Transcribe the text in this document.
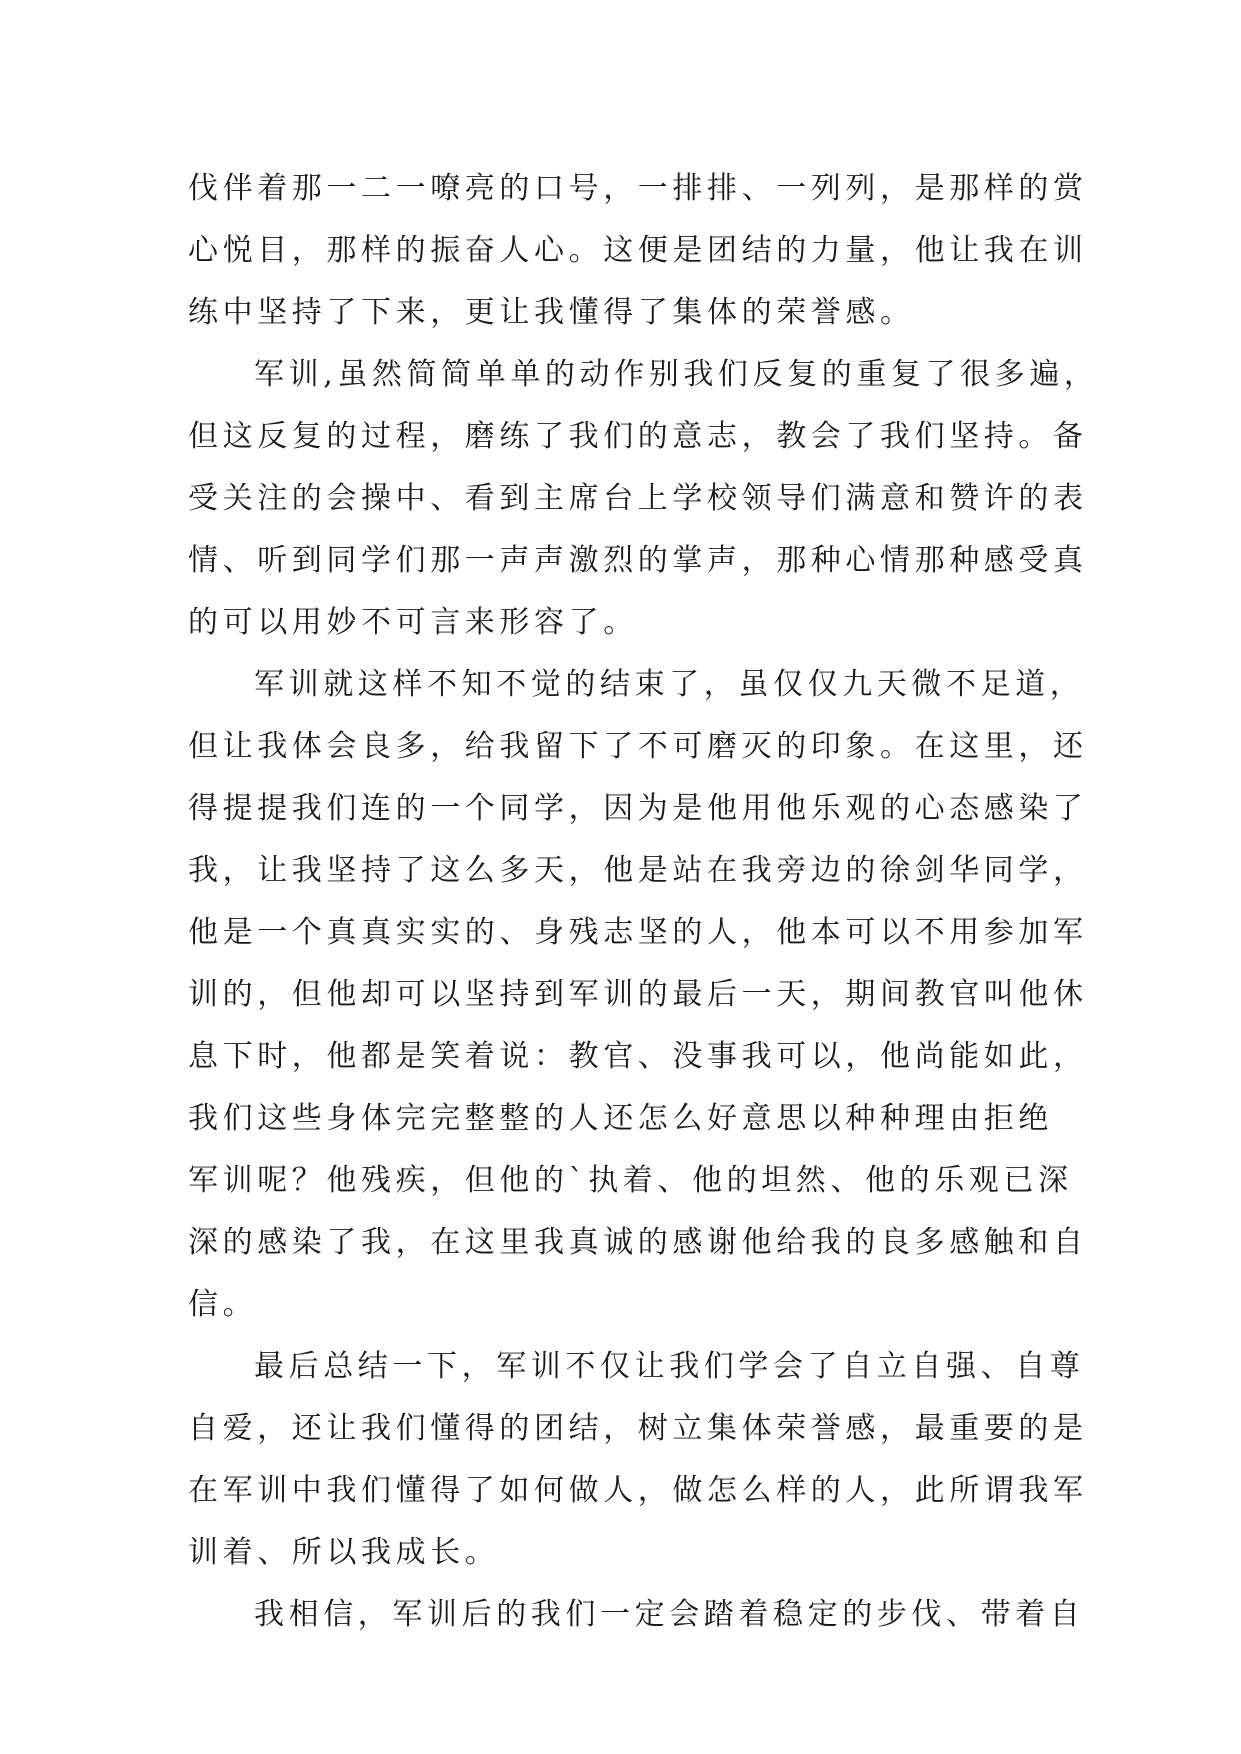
伐伴着那一二一嘹亮的口号，一排排、一列列，是那样的赏
心悦目，那样的振奋人心。这便是团结的力量，他让我在训
练中坚持了下来，更让我懂得了集体的荣誉感。
军训,虽然简简单单的动作别我们反复的重复了很多遍，
但这反复的过程，磨练了我们的意志，教会了我们坚持。备
受关注的会操中、看到主席台上学校领导们满意和赞许的表
情、听到同学们那一声声激烈的掌声，那种心情那种感受真
的可以用妙不可言来形容了。
军训就这样不知不觉的结束了，虽仅仅九天微不足道，
但让我体会良多，给我留下了不可磨灭的印象。在这里，还
得提提我们连的一个同学，因为是他用他乐观的心态感染了
我，让我坚持了这么多天，他是站在我旁边的徐剑华同学，
他是一个真真实实的、身残志坚的人，他本可以不用参加军
训的，但他却可以坚持到军训的最后一天，期间教官叫他休
息下时，他都是笑着说：教官、没事我可以，他尚能如此，
我们这些身体完完整整的人还怎么好意思以种种理由拒绝
军训呢？他残疾，但他的`执着、他的坦然、他的乐观已深
深的感染了我，在这里我真诚的感谢他给我的良多感触和自
信。
最后总结一下，军训不仅让我们学会了自立自强、自尊
自爱，还让我们懂得的团结，树立集体荣誉感，最重要的是
在军训中我们懂得了如何做人，做怎么样的人，此所谓我军
训着、所以我成长。
我相信，军训后的我们一定会踏着稳定的步伐、带着自
